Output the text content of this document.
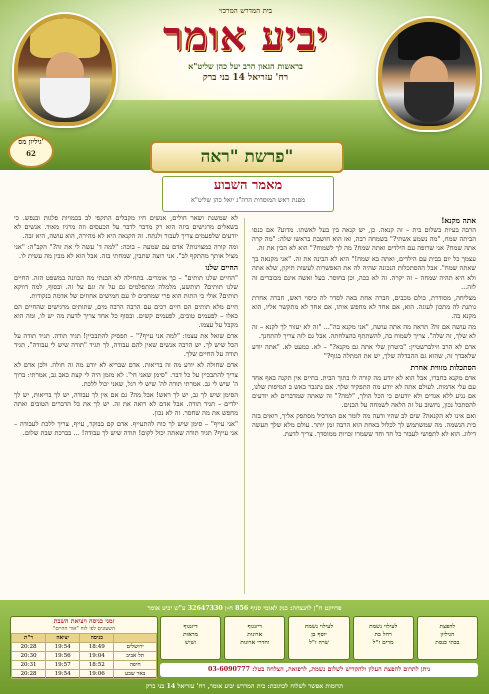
גיליון מס'
62
בית המדרש המרכזי
יביע אומר
בראשות הגאון הרב יעל כהן שליט"א
רח' עזריאל 14 בני ברק
פרשת "ראה"
מאמר השבוע
מפנת ראש המוסדות הרה"ג יואל כהן שליט"א
אתה מקנא!

הרבה בעיות בשלום בית – זה קנאה. כן, יש קנאה בין בעל לאשתו. מדוע? אם כנסו הביתה שמח, "מה נשמע אשתי?" בשמחה רבה, ואז הוא חושבת בראשו שלה: "מה קרה אתה שמח? אני שרופה עם הילדים ואתה שמח? מה לך לשמוח?" הוא לא הבין את זה.

עצמך כל יום בבית עם הילדים, ואתה בא שמח!" היא לא הבינה את זה. "אני מקנאה בך שאתה שמח". אבל ההסתכלות הנכונה שהיה לה את האפשרות לעשות תיקון, שלא אתה ולא היא תהיה שמחה – זה יקרה. זה לא ככה, וכן בחוסר. בעל ואשה אינם מכובדים זה לזה...

מצליחה, מסודרת, כולם מכבים, חברה אחת באה לסדר לה כיסוי ראש, חברה אחרת נותנת לה מתכון לעוגה. הוא, אם אחד לא מחפש אותו, אם אחד לא מתקשר אליו, הוא מקנא בה.

מה עושה אם זה? תראה מה אתה עושה, "אני מקנא בה"... "זה לא יעזור לך לקנא – זה לא שלך, זה שלה". צריך לשמוח בה, להשתתף בהצלחתה. אבל גם לזה צריך להתחנך.

אדם לא הרב וזילברשטיין: "ביטרון שלי אתה גם מקנא?" – לא. כמעט לא. "אתה יודע שלאבדך זה, שהוא גם ההבדלה שלך, יש את המתלה בגוף?"

הסתכלות מזווית אחרת

אדם מקנא בחברו, אבל הוא לא יודע מה קורה לו בתוך הבית. בחיים אין תקנה באף אחד עם עלי אדמות. לעולם אתה לא יודע מה התפקיד שלך. אם נתגבר באש ב המיפות שלנו, אם נגיע ללא אגדים ולא יודעים כי הכל הולך, "למה?" זה שאתה שמדברים לא יודעים להסתכל נכון, נחשוב על זה הלאה לשמחה על הבנים.

ואם אינו לא הקנאה? שים לב שהיו ודעה מה לומר אם המרכיל מסתפק אליך, רואים בזה בית הנשמה. מה שמשתמש לך לכלול באחת הוא הרבה זמן יותר. עולם מלא שלך תעשה דילוג. הוא לא לתפושי לעבור כל חד וחד ששמרו זכויות ממוסדך. צריך לדעת.

לא שמשנת ושאר חולים, אנשים חיו מקבלים התקפי לב בכמויות פלגות ובנפש. כי בשאלים מרגישים ביזה הוא רק מדבר לדבר על הכעסים וזה מרגיז מאוד. אנשים לא יודעים שלפעמים צריך לעבור ולנתח. זה הקנאה היא לא מהירה, הוא עושה, היא זבה.

ומה קורה כמצוינות? אדם עם שמעה – בוכה: "למה ד' עשה לי את זה?" הקב"ה: "אני מציל אותך מהתקף לב". אני רוצה שתבין, שמחתי בזה. אבל הוא לא מבין מה עשית לו.

החיים שלנו

"החיים שלנו תותים" – כך אומרים. בתחילה לא הבנתי מה הכוונה במשפט הזה. החיים שלנו תותים? תותשע, מלמלה ומתפלמים גם על זה וגם על זה. ובסוף, למה דווקא תותים? אולי כי התות הוא פרי שמחכים לו עם חמישים אחוזים של אדמה בנקודות.

חיים מלא תותים הם חיים רכים עם הרבה הרבה מים, שתותים מרגישים שהחיים הם כאלו – לפעמים טובים, לפעמים קשים. ובסוף כל אחד צריך לדעת מה יש לו, ומה הוא מקבל על עצמו.

אדם שואל את עצמו: "למה אני עייף?" – תפסיק להתבכיין! תגיד תודה. תגיד תודה על הכל שיש לך. יש הרבה אנשים שאין להם עבודה, לך תגיד "תודה שיש לי עבודה". תגיד תודה על החיים שלך.

אדם שחולה לא יודע מה זה בריאות. אדם שבריא לא יודע מה זה חולה. ולכן אדם לא צריך להתבכיין על כל דבר. "סימן שאני חי". לא מזמן היה לי קצת כאב גב, אמרתי: ברוך ה' שיש לי גב. אמרתי תודה לה' שיש לי רגל, שאני יכול ללכת.

הסימן שיש לך גב, יש לך ראש! אבל מה? גם אם אין לך עבודה, יש לך בריאות, יש לך ילדים – תגיד תודה. אבל אדם לא רואה את זה. יש לך את כל הדברים הטובים ואתה מחפש את מה שחסר. זה לא נכון.

"אני עייף" – סימן שיש לך כוח להתעייף. אדם קם בבוקר, עייף, צריך ללכת לעבודה – אני עייף? תגיד תודה שאתה יכול לקום! תודה שיש לך עבודה! ... בברכת שבת שלום.

פרויקט ח"ן להנצחה: בנק לאומי סניף 856 ח-ן 32647330 ע"ש יביע אומר
זמני כניסה ויציאת השבת
השעונים לפי לוח "אור החיים"
	כניסה	יציאה	ר"ת
ירושלים	18:49	19:54	20:28
תל אביב	19:04	19:56	20:30
חיפה	18:52	19:57	20:31
באר שבע	19:06	19:54	20:28
להפצת
הגיליון
בבתי כנסת
לעילוי נשמת
רחל בת
מרים ז"ל
לעילוי נשמת
יוסף בן
שרה ז"ל
דיזנגוף
ארונות
וחדרי ארונות
דיזנגוף
מראות
ושיש
ניתן לתרום להפצת העלון ולהקדיש לשלום נשמת, לרפואה, הצלחה בטל: 03-6090777
תרומות אפשר לשלוח לכתובת: בית המדרש יביע אומר, רח' עזריאל 14 בני ברק
